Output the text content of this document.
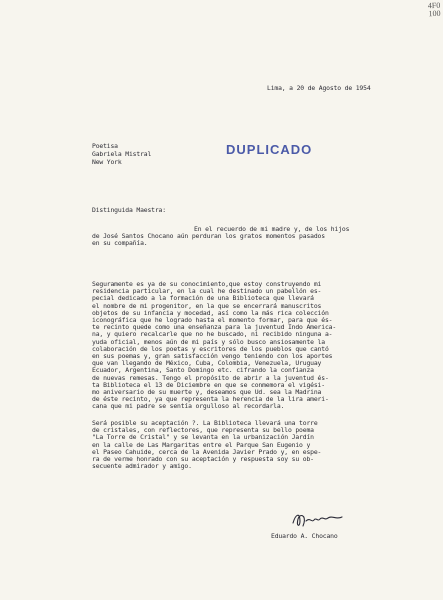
4F0
100
Lima, a 20 de Agosto de 1954
Poetisa
Gabriela Mistral
New York
DUPLICADO
Distinguida Maestra:
En el recuerdo de mi madre y, de los hijos
de José Santos Chocano aún perduran los gratos momentos pasados
en su compañía.
Seguramente es ya de su conocimiento,que estoy construyendo mi
residencia particular, en la cual he destinado un pabellón es-
pecial dedicado a la formación de una Biblioteca que llevará
el nombre de mi progenitor, en la que se encerrará manuscritos
objetos de su infancia y mocedad, así como la más rica colección
iconográfica que he logrado hasta el momento formar, para que és-
te recinto quede como una enseñanza para la juventud Indo America-
na, y quiero recalcarle que no he buscado, ni recibido ninguna a-
yuda oficial, menos aún de mi país y sólo busco ansiosamente la
colaboración de los poetas y escritores de los pueblos que cantó
en sus poemas y, gran satisfacción vengo teniendo con los aportes
que van llegando de México, Cuba, Colombia, Venezuela, Uruguay
Ecuador, Argentina, Santo Domingo etc. cifrando la confianza
de nuevas remesas. Tengo el propósito de abrir a la juventud és-
ta Biblioteca el 13 de Diciembre en que se conmemora el vigési-
mo aniversario de su muerte y, deseamos que Ud. sea la Madrina
de éste recinto, ya que representa la herencia de la lira ameri-
cana que mi padre se sentía orgulloso al recordarla.
Será posible su aceptación ?. La Biblioteca llevará una torre
de cristales, con reflectores, que representa su bello poema
"La Torre de Cristal" y se levanta en la urbanización Jardín
en la calle de Las Margaritas entre el Parque San Eugenio y
el Paseo Cahuide, cerca de la Avenida Javier Prado y, en espe-
ra de verme honrado con su aceptación y respuesta soy su ob-
secuente admirador y amigo.
Eduardo A. Chocano
